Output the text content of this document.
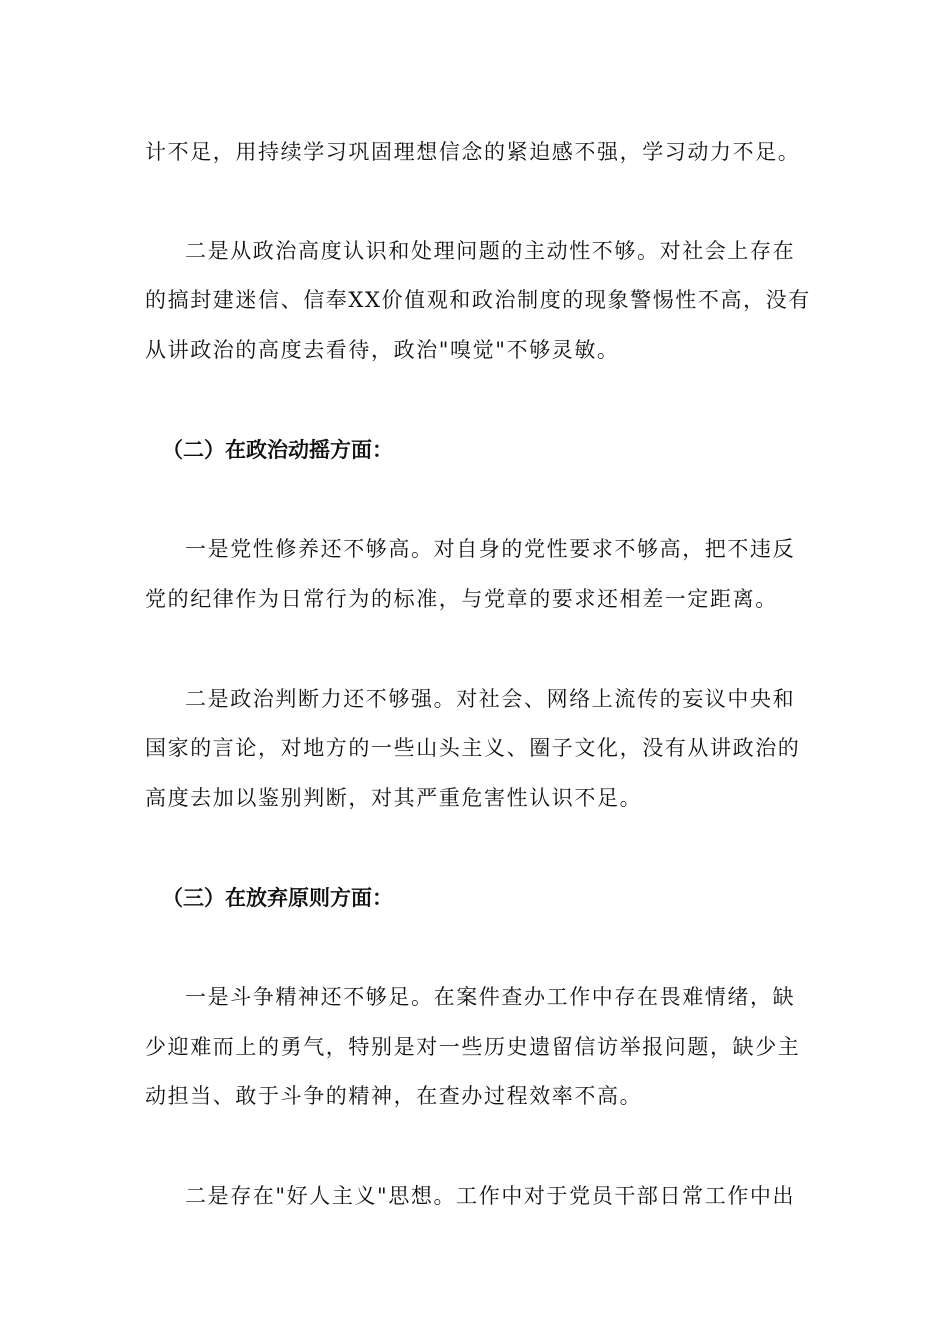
计不足，用持续学习巩固理想信念的紧迫感不强，学习动力不足。
二是从政治高度认识和处理问题的主动性不够。对社会上存在
的搞封建迷信、信奉XX价值观和政治制度的现象警惕性不高，没有
从讲政治的高度去看待，政治"嗅觉"不够灵敏。
（二）在政治动摇方面：
一是党性修养还不够高。对自身的党性要求不够高，把不违反
党的纪律作为日常行为的标准，与党章的要求还相差一定距离。
二是政治判断力还不够强。对社会、网络上流传的妄议中央和
国家的言论，对地方的一些山头主义、圈子文化，没有从讲政治的
高度去加以鉴别判断，对其严重危害性认识不足。
（三）在放弃原则方面：
一是斗争精神还不够足。在案件查办工作中存在畏难情绪，缺
少迎难而上的勇气，特别是对一些历史遗留信访举报问题，缺少主
动担当、敢于斗争的精神，在查办过程效率不高。
二是存在"好人主义"思想。工作中对于党员干部日常工作中出
